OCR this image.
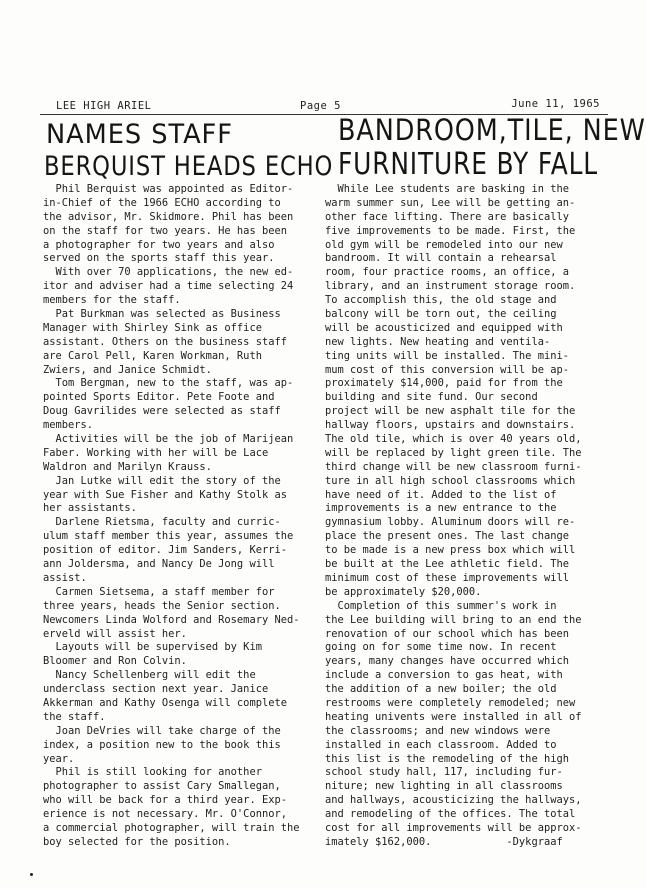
LEE HIGH ARIEL	Page 5	June 11, 1965
NAMES STAFF
BERQUIST HEADS ECHO
BANDROOM,TILE, NEW
FURNITURE BY FALL
Phil Berquist was appointed as Editor-
in-Chief of the 1966 ECHO according to
the advisor, Mr. Skidmore. Phil has been
on the staff for two years. He has been
a photographer for two years and also
served on the sports staff this year.
With over 70 applications, the new ed-
itor and adviser had a time selecting 24
members for the staff.
Pat Burkman was selected as Business
Manager with Shirley Sink as office
assistant. Others on the business staff
are Carol Pell, Karen Workman, Ruth
Zwiers, and Janice Schmidt.
Tom Bergman, new to the staff, was ap-
pointed Sports Editor. Pete Foote and
Doug Gavrilides were selected as staff
members.
Activities will be the job of Marijean
Faber. Working with her will be Lace
Waldron and Marilyn Krauss.
Jan Lutke will edit the story of the
year with Sue Fisher and Kathy Stolk as
her assistants.
Darlene Rietsma, faculty and curric-
ulum staff member this year, assumes the
position of editor. Jim Sanders, Kerri-
ann Joldersma, and Nancy De Jong will
assist.
Carmen Sietsema, a staff member for
three years, heads the Senior section.
Newcomers Linda Wolford and Rosemary Ned-
erveld will assist her.
Layouts will be supervised by Kim
Bloomer and Ron Colvin.
Nancy Schellenberg will edit the
underclass section next year. Janice
Akkerman and Kathy Osenga will complete
the staff.
Joan DeVries will take charge of the
index, a position new to the book this
year.
Phil is still looking for another
photographer to assist Cary Smallegan,
who will be back for a third year. Exp-
erience is not necessary. Mr. O'Connor,
a commercial photographer, will train the
boy selected for the position.
While Lee students are basking in the
warm summer sun, Lee will be getting an-
other face lifting. There are basically
five improvements to be made. First, the
old gym will be remodeled into our new
bandroom. It will contain a rehearsal
room, four practice rooms, an office, a
library, and an instrument storage room.
To accomplish this, the old stage and
balcony will be torn out, the ceiling
will be acousticized and equipped with
new lights. New heating and ventila-
ting units will be installed. The mini-
mum cost of this conversion will be ap-
proximately $14,000, paid for from the
building and site fund. Our second
project will be new asphalt tile for the
hallway floors, upstairs and downstairs.
The old tile, which is over 40 years old,
will be replaced by light green tile. The
third change will be new classroom furni-
ture in all high school classrooms which
have need of it. Added to the list of
improvements is a new entrance to the
gymnasium lobby. Aluminum doors will re-
place the present ones. The last change
to be made is a new press box which will
be built at the Lee athletic field. The
minimum cost of these improvements will
be approximately $20,000.
Completion of this summer's work in
the Lee building will bring to an end the
renovation of our school which has been
going on for some time now. In recent
years, many changes have occurred which
include a conversion to gas heat, with
the addition of a new boiler; the old
restrooms were completely remodeled; new
heating univents were installed in all of
the classrooms; and new windows were
installed in each classroom. Added to
this list is the remodeling of the high
school study hall, 117, including fur-
niture; new lighting in all classrooms
and hallways, acousticizing the hallways,
and remodeling of the offices. The total
cost for all improvements will be approx-
imately $162,000.            -Dykgraaf
